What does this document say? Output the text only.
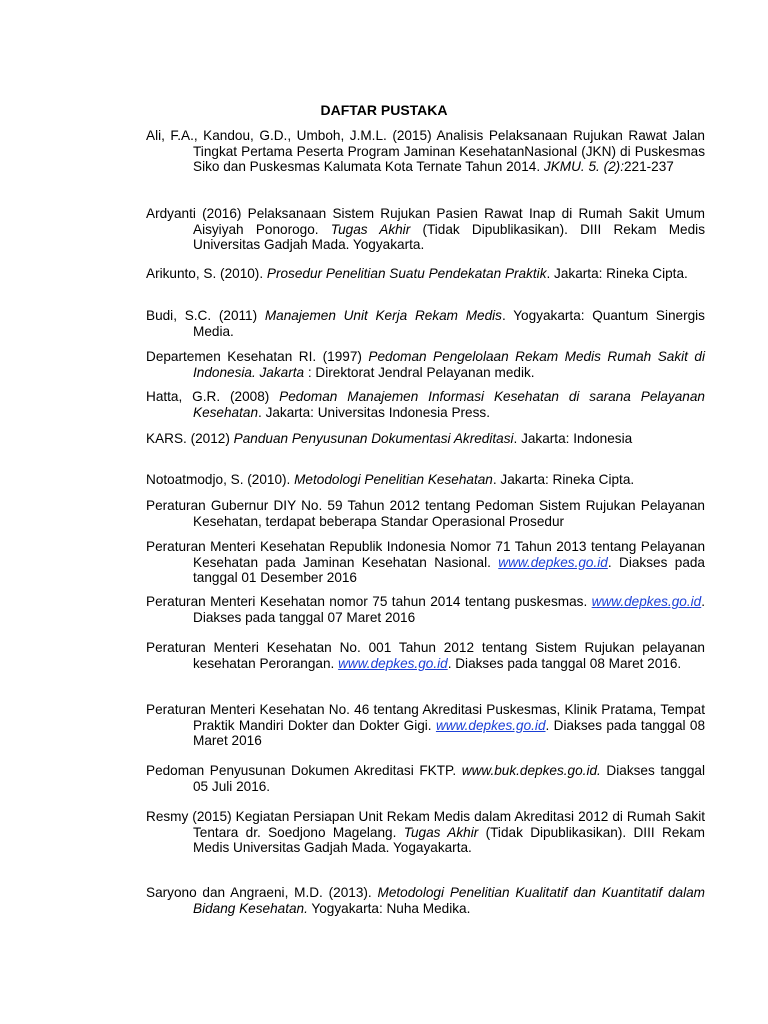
DAFTAR PUSTAKA
Ali, F.A., Kandou, G.D., Umboh, J.M.L. (2015) Analisis Pelaksanaan Rujukan Rawat Jalan Tingkat Pertama Peserta Program Jaminan KesehatanNasional (JKN) di Puskesmas Siko dan Puskesmas Kalumata Kota Ternate Tahun 2014. JKMU. 5. (2):221-237
Ardyanti (2016) Pelaksanaan Sistem Rujukan Pasien Rawat Inap di Rumah Sakit Umum Aisyiyah Ponorogo. Tugas Akhir (Tidak Dipublikasikan). DIII Rekam Medis Universitas Gadjah Mada. Yogyakarta.
Arikunto, S. (2010). Prosedur Penelitian Suatu Pendekatan Praktik. Jakarta: Rineka Cipta.
Budi, S.C. (2011) Manajemen Unit Kerja Rekam Medis. Yogyakarta: Quantum Sinergis Media.
Departemen Kesehatan RI. (1997) Pedoman Pengelolaan Rekam Medis Rumah Sakit di Indonesia. Jakarta : Direktorat Jendral Pelayanan medik.
Hatta, G.R. (2008) Pedoman Manajemen Informasi Kesehatan di sarana Pelayanan Kesehatan. Jakarta: Universitas Indonesia Press.
KARS. (2012) Panduan Penyusunan Dokumentasi Akreditasi. Jakarta: Indonesia
Notoatmodjo, S. (2010). Metodologi Penelitian Kesehatan. Jakarta: Rineka Cipta.
Peraturan Gubernur DIY No. 59 Tahun 2012 tentang Pedoman Sistem Rujukan Pelayanan Kesehatan, terdapat beberapa Standar Operasional Prosedur
Peraturan Menteri Kesehatan Republik Indonesia Nomor 71 Tahun 2013 tentang Pelayanan Kesehatan pada Jaminan Kesehatan Nasional. www.depkes.go.id. Diakses pada tanggal 01 Desember 2016
Peraturan Menteri Kesehatan nomor 75 tahun 2014 tentang puskesmas. www.depkes.go.id. Diakses pada tanggal 07 Maret 2016
Peraturan Menteri Kesehatan No. 001 Tahun 2012 tentang Sistem Rujukan pelayanan kesehatan Perorangan. www.depkes.go.id. Diakses pada tanggal 08 Maret 2016.
Peraturan Menteri Kesehatan No. 46 tentang Akreditasi Puskesmas, Klinik Pratama, Tempat Praktik Mandiri Dokter dan Dokter Gigi. www.depkes.go.id. Diakses pada tanggal 08 Maret 2016
Pedoman Penyusunan Dokumen Akreditasi FKTP. www.buk.depkes.go.id. Diakses tanggal 05 Juli 2016.
Resmy (2015) Kegiatan Persiapan Unit Rekam Medis dalam Akreditasi 2012 di Rumah Sakit Tentara dr. Soedjono Magelang. Tugas Akhir (Tidak Dipublikasikan). DIII Rekam Medis Universitas Gadjah Mada. Yogayakarta.
Saryono dan Angraeni, M.D. (2013). Metodologi Penelitian Kualitatif dan Kuantitatif dalam Bidang Kesehatan. Yogyakarta: Nuha Medika.
